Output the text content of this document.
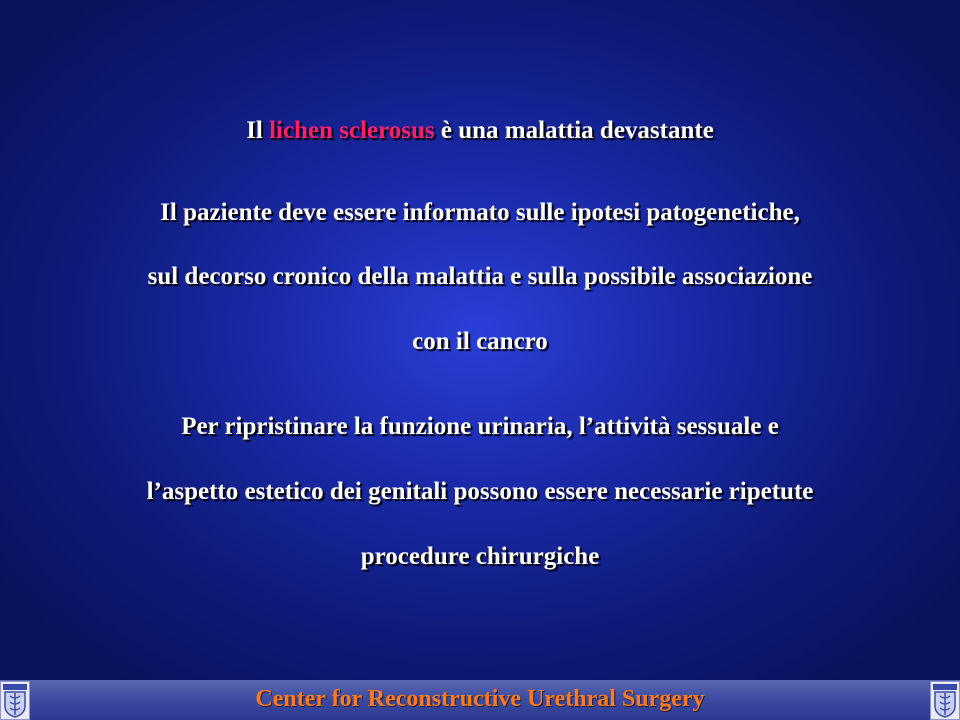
Il lichen sclerosus è una malattia devastante
Il paziente deve essere informato sulle ipotesi patogenetiche,
sul decorso cronico della malattia e sulla possibile associazione
con il cancro
Per ripristinare la funzione urinaria, l’attività sessuale e
l’aspetto estetico dei genitali possono essere necessarie ripetute
procedure chirurgiche
Center for Reconstructive Urethral Surgery
